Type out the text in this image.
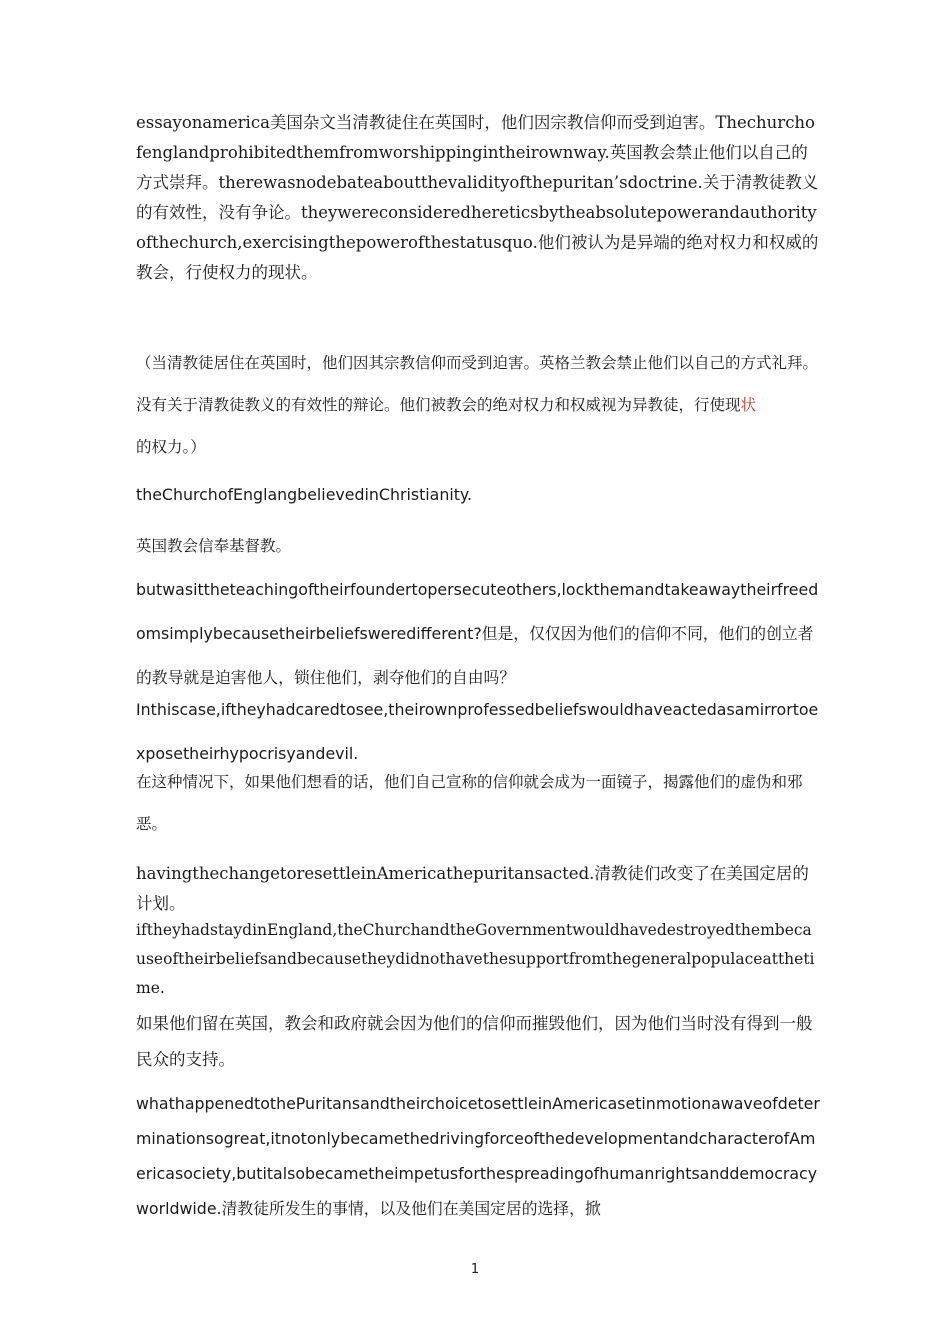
essayonamerica美国杂文当清教徒住在英国时，他们因宗教信仰而受到迫害。Thechurchofenglandprohibitedthemfromworshippingintheirownway.英国教会禁止他们以自己的方式崇拜。therewasnodebateaboutthevalidityofthepuritan’sdoctrine.关于清教徒教义的有效性，没有争论。theywereconsideredhereticsbytheabsolutepowerandauthorityofthechurch,exercisingthepowerofthestatusquo.他们被认为是异端的绝对权力和权威的教会，行使权力的现状。

（当清教徒居住在英国时，他们因其宗教信仰而受到迫害。英格兰教会禁止他们以自己的方式礼拜。没有关于清教徒教义的有效性的辩论。他们被教会的绝对权力和权威视为异教徒，行使现状的权力。）

theChurchofEnglangbelievedinChristianity.

英国教会信奉基督教。

butwasittheteachingoftheirfoundertopersecuteothers,lockthemandtakeawaytheirfreedomsimplybecausetheirbeliefsweredifferent?但是，仅仅因为他们的信仰不同，他们的创立者的教导就是迫害他人，锁住他们，剥夺他们的自由吗？

Inthiscase,iftheyhadcaredtosee,theirownprofessedbeliefswouldhaveactedasamirrortoexposetheirhypocrisyandevil.

在这种情况下，如果他们想看的话，他们自己宣称的信仰就会成为一面镜子，揭露他们的虚伪和邪恶。

havingthechangetoresettleinAmericathepuritansacted.清教徒们改变了在美国定居的计划。

iftheyhadstaydinEngland,theChurchandtheGovernmentwouldhavedestroyedthembecauseoftheirbeliefsandbecausetheydidnothavethesupportfromthegeneralpopulaceatthetime.

如果他们留在英国，教会和政府就会因为他们的信仰而摧毁他们，因为他们当时没有得到一般民众的支持。

whathappenedtothePuritansandtheirchoicetosettleinAmericasetinmotionawaveofdeterminationsogreat,itnotonlybecamethedrivingforceofthedevelopmentandcharacterofAmericasociety,butitalsobecametheimpetusforthespreadingofhumanrightsanddemocracyworldwide.清教徒所发生的事情，以及他们在美国定居的选择，掀

1
